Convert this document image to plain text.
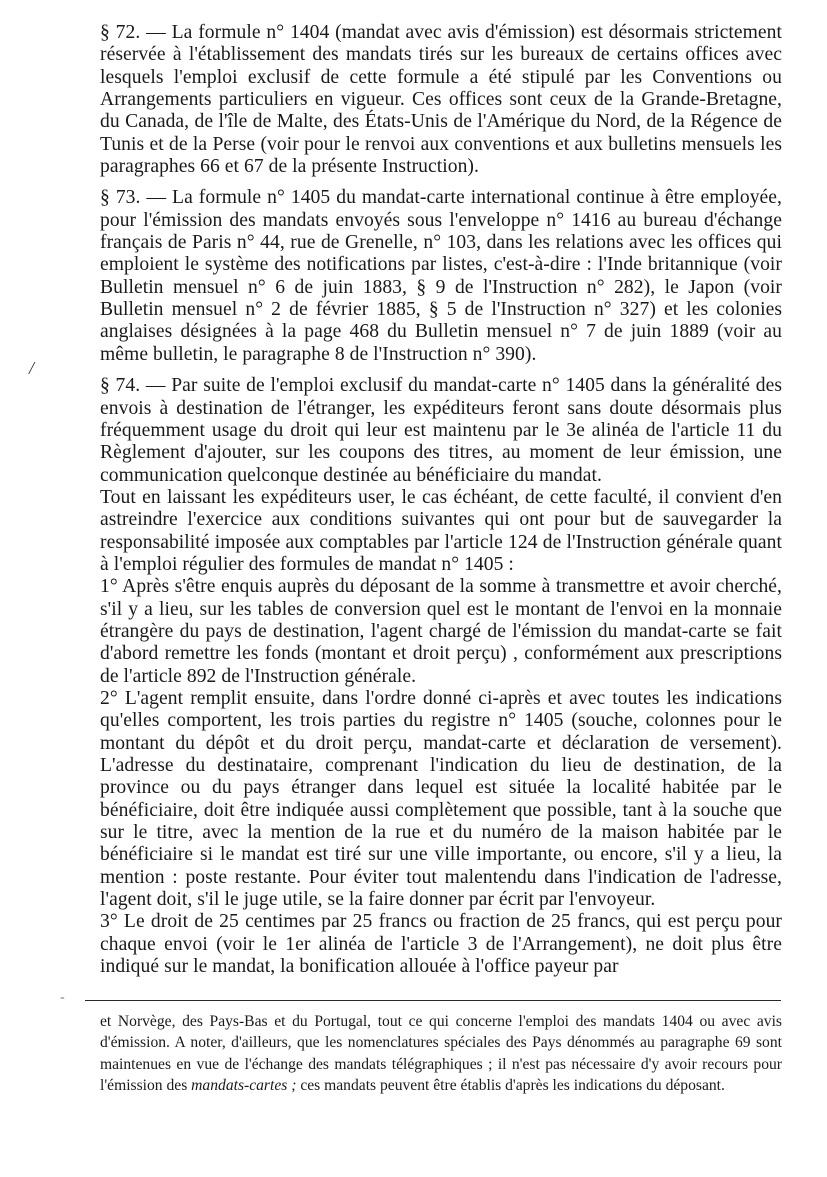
§ 72. — La formule n° 1404 (mandat avec avis d'émission) est désormais strictement réservée à l'établissement des mandats tirés sur les bureaux de certains offices avec lesquels l'emploi exclusif de cette formule a été stipulé par les Conventions ou Arrangements particuliers en vigueur. Ces offices sont ceux de la Grande-Bretagne, du Canada, de l'île de Malte, des États-Unis de l'Amérique du Nord, de la Régence de Tunis et de la Perse (voir pour le renvoi aux conventions et aux bulletins mensuels les paragraphes 66 et 67 de la présente Instruction).

§ 73. — La formule n° 1405 du mandat-carte international continue à être employée, pour l'émission des mandats envoyés sous l'enveloppe n° 1416 au bureau d'échange français de Paris n° 44, rue de Grenelle, n° 103, dans les relations avec les offices qui emploient le système des notifications par listes, c'est-à-dire : l'Inde britannique (voir Bulletin mensuel n° 6 de juin 1883, § 9 de l'Instruction n° 282), le Japon (voir Bulletin mensuel n° 2 de février 1885, § 5 de l'Instruction n° 327) et les colonies anglaises désignées à la page 468 du Bulletin mensuel n° 7 de juin 1889 (voir au même bulletin, le paragraphe 8 de l'Instruction n° 390).

§ 74. — Par suite de l'emploi exclusif du mandat-carte n° 1405 dans la généralité des envois à destination de l'étranger, les expéditeurs feront sans doute désormais plus fréquemment usage du droit qui leur est maintenu par le 3e alinéa de l'article 11 du Règlement d'ajouter, sur les coupons des titres, au moment de leur émission, une communication quelconque destinée au bénéficiaire du mandat.

Tout en laissant les expéditeurs user, le cas échéant, de cette faculté, il convient d'en astreindre l'exercice aux conditions suivantes qui ont pour but de sauvegarder la responsabilité imposée aux comptables par l'article 124 de l'Instruction générale quant à l'emploi régulier des formules de mandat n° 1405 :

1° Après s'être enquis auprès du déposant de la somme à transmettre et avoir cherché, s'il y a lieu, sur les tables de conversion quel est le montant de l'envoi en la monnaie étrangère du pays de destination, l'agent chargé de l'émission du mandat-carte se fait d'abord remettre les fonds (montant et droit perçu) , conformément aux prescriptions de l'article 892 de l'Instruction générale.

2° L'agent remplit ensuite, dans l'ordre donné ci-après et avec toutes les indications qu'elles comportent, les trois parties du registre n° 1405 (souche, colonnes pour le montant du dépôt et du droit perçu, mandat-carte et déclaration de versement). L'adresse du destinataire, comprenant l'indication du lieu de destination, de la province ou du pays étranger dans lequel est située la localité habitée par le bénéficiaire, doit être indiquée aussi complètement que possible, tant à la souche que sur le titre, avec la mention de la rue et du numéro de la maison habitée par le bénéficiaire si le mandat est tiré sur une ville importante, ou encore, s'il y a lieu, la mention : poste restante. Pour éviter tout malentendu dans l'indication de l'adresse, l'agent doit, s'il le juge utile, se la faire donner par écrit par l'envoyeur.

3° Le droit de 25 centimes par 25 francs ou fraction de 25 francs, qui est perçu pour chaque envoi (voir le 1er alinéa de l'article 3 de l'Arrangement), ne doit plus être indiqué sur le mandat, la bonification allouée à l'office payeur par

/
-

et Norvège, des Pays-Bas et du Portugal, tout ce qui concerne l'emploi des mandats 1404 ou avec avis d'émission. A noter, d'ailleurs, que les nomenclatures spéciales des Pays dénommés au paragraphe 69 sont maintenues en vue de l'échange des mandats télégraphiques ; il n'est pas nécessaire d'y avoir recours pour l'émission des mandats-cartes ; ces mandats peuvent être établis d'après les indications du déposant.
